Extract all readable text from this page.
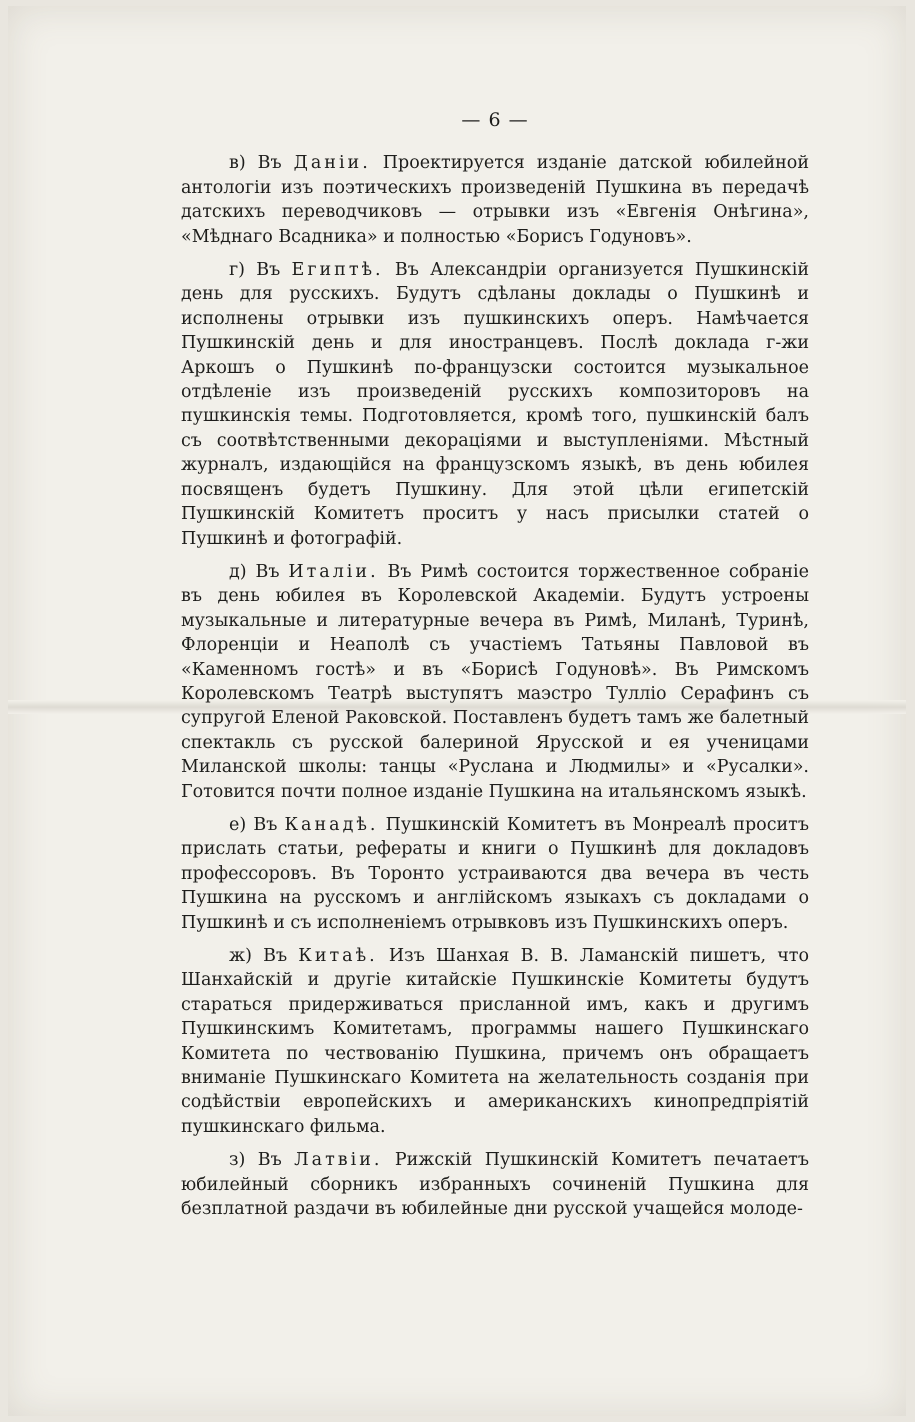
— 6 —

в) Въ Даніи. Проектируется изданіе датской юбилейной антологіи изъ поэтическихъ произведеній Пушкина въ передачѣ датскихъ переводчиковъ — отрывки изъ «Евгенія Онѣгина», «Мѣднаго Всадника» и полностью «Борисъ Годуновъ».

г) Въ Египтѣ. Въ Александріи организуется Пушкинскій день для русскихъ. Будутъ сдѣланы доклады о Пушкинѣ и исполнены отрывки изъ пушкинскихъ оперъ. Намѣчается Пушкинскій день и для иностранцевъ. Послѣ доклада г-жи Аркошъ о Пушкинѣ по-французски состоится музыкальное отдѣленіе изъ произведеній русскихъ композиторовъ на пушкинскія темы. Подготовляется, кромѣ того, пушкинскій балъ съ соотвѣтственными декораціями и выступленіями. Мѣстный журналъ, издающійся на французскомъ языкѣ, въ день юбилея посвященъ будетъ Пушкину. Для этой цѣли египетскій Пушкинскій Комитетъ проситъ у насъ присылки статей о Пушкинѣ и фотографій.

д) Въ Италіи. Въ Римѣ состоится торжественное собраніе въ день юбилея въ Королевской Академіи. Будутъ устроены музыкальные и литературные вечера въ Римѣ, Миланѣ, Туринѣ, Флоренціи и Неаполѣ съ участіемъ Татьяны Павловой въ «Каменномъ гостѣ» и въ «Борисѣ Годуновѣ». Въ Римскомъ Королевскомъ Театрѣ выступятъ маэстро Тулліо Серафинъ съ супругой Еленой Раковской. Поставленъ будетъ тамъ же балетный спектакль съ русской балериной Ярусской и ея ученицами Миланской школы: танцы «Руслана и Людмилы» и «Русалки». Готовится почти полное изданіе Пушкина на итальянскомъ языкѣ.

е) Въ Канадѣ. Пушкинскій Комитетъ въ Монреалѣ проситъ прислать статьи, рефераты и книги о Пушкинѣ для докладовъ профессоровъ. Въ Торонто устраиваются два вечера въ честь Пушкина на русскомъ и англійскомъ языкахъ съ докладами о Пушкинѣ и съ исполненіемъ отрывковъ изъ Пушкинскихъ оперъ.

ж) Въ Китаѣ. Изъ Шанхая В. В. Ламанскій пишетъ, что Шанхайскій и другіе китайскіе Пушкинскіе Комитеты будутъ стараться придерживаться присланной имъ, какъ и другимъ Пушкинскимъ Комитетамъ, программы нашего Пушкинскаго Комитета по чествованію Пушкина, причемъ онъ обращаетъ вниманіе Пушкинскаго Комитета на желательность созданія при содѣйствіи европейскихъ и американскихъ кинопредпріятій пушкинскаго фильма.

з) Въ Латвіи. Рижскій Пушкинскій Комитетъ печатаетъ юбилейный сборникъ избранныхъ сочиненій Пушкина для безплатной раздачи въ юбилейные дни русской учащейся молоде-
